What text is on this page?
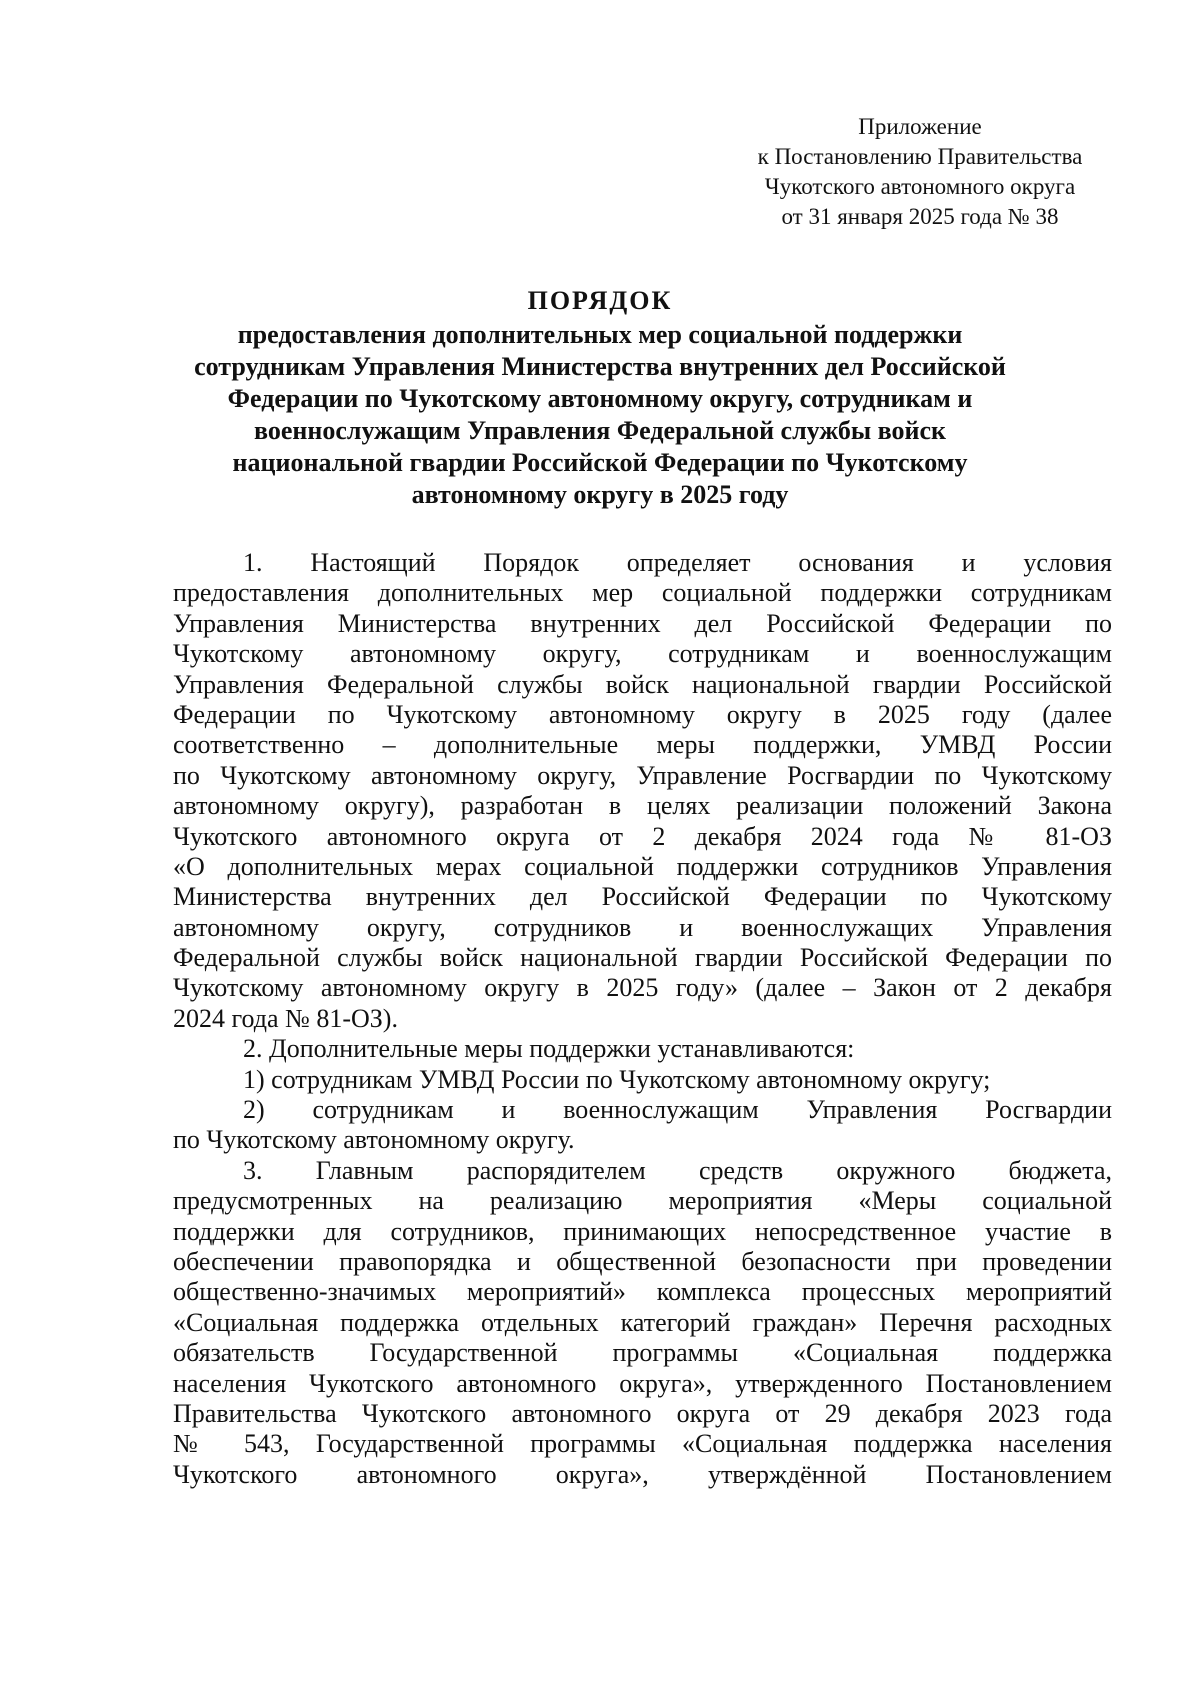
Приложение
к Постановлению Правительства
Чукотского автономного округа
от 31 января 2025 года № 38
ПОРЯДОК
предоставления дополнительных мер социальной поддержки
сотрудникам Управления Министерства внутренних дел Российской
Федерации по Чукотскому автономному округу, сотрудникам и
военнослужащим Управления Федеральной службы войск
национальной гвардии Российской Федерации по Чукотскому
автономному округу в 2025 году
1. Настоящий Порядок определяет основания и условия
предоставления дополнительных мер социальной поддержки сотрудникам
Управления Министерства внутренних дел Российской Федерации по
Чукотскому автономному округу, сотрудникам и военнослужащим
Управления Федеральной службы войск национальной гвардии Российской
Федерации по Чукотскому автономному округу в 2025 году (далее
соответственно – дополнительные меры поддержки, УМВД России
по Чукотскому автономному округу, Управление Росгвардии по Чукотскому
автономному округу), разработан в целях реализации положений Закона
Чукотского автономного округа от 2 декабря 2024 года № 81-ОЗ
«О дополнительных мерах социальной поддержки сотрудников Управления
Министерства внутренних дел Российской Федерации по Чукотскому
автономному округу, сотрудников и военнослужащих Управления
Федеральной службы войск национальной гвардии Российской Федерации по
Чукотскому автономному округу в 2025 году» (далее – Закон от 2 декабря
2024 года № 81-ОЗ).
2. Дополнительные меры поддержки устанавливаются:
1) сотрудникам УМВД России по Чукотскому автономному округу;
2) сотрудникам и военнослужащим Управления Росгвардии
по Чукотскому автономному округу.
3. Главным распорядителем средств окружного бюджета,
предусмотренных на реализацию мероприятия «Меры социальной
поддержки для сотрудников, принимающих непосредственное участие в
обеспечении правопорядка и общественной безопасности при проведении
общественно-значимых мероприятий» комплекса процессных мероприятий
«Социальная поддержка отдельных категорий граждан» Перечня расходных
обязательств Государственной программы «Социальная поддержка
населения Чукотского автономного округа», утвержденного Постановлением
Правительства Чукотского автономного округа от 29 декабря 2023 года
№ 543, Государственной программы «Социальная поддержка населения
Чукотского автономного округа», утверждённой Постановлением
